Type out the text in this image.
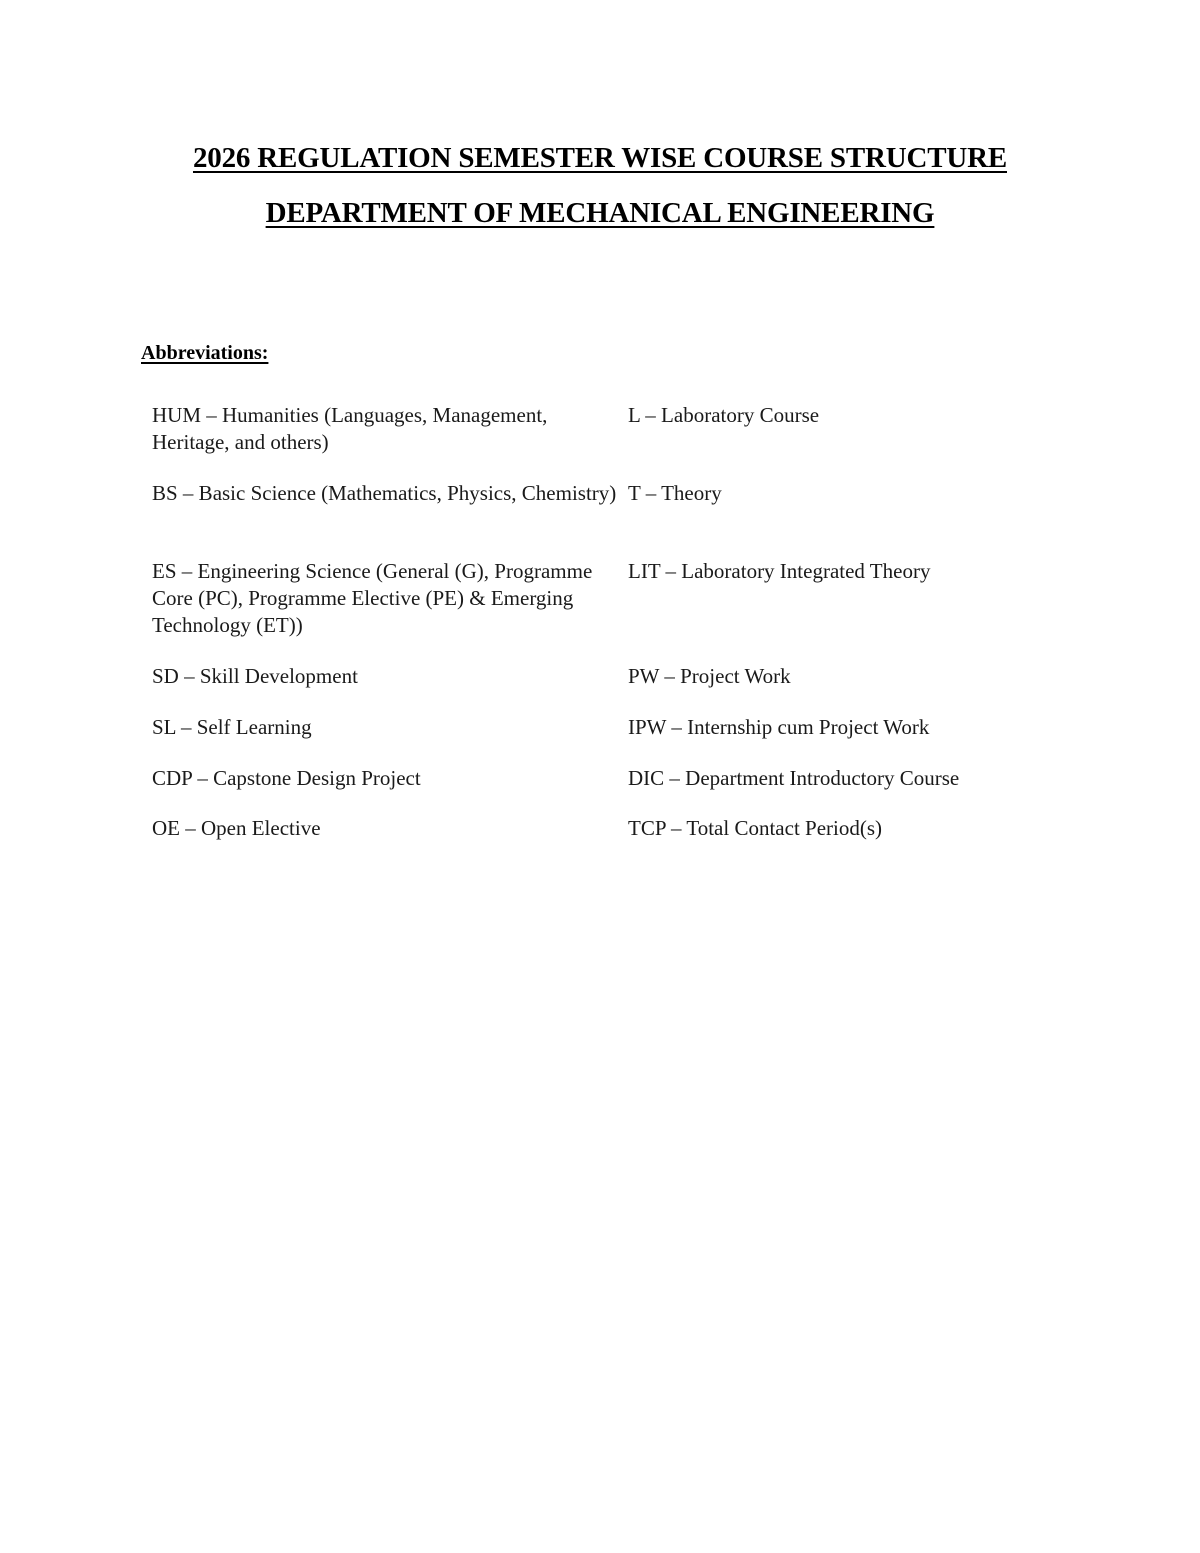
2026 REGULATION SEMESTER WISE COURSE STRUCTURE
DEPARTMENT OF MECHANICAL ENGINEERING
Abbreviations:
HUM – Humanities (Languages, Management, Heritage, and others)	L – Laboratory Course
BS – Basic Science (Mathematics, Physics, Chemistry)	T – Theory
ES – Engineering Science (General (G), Programme Core (PC), Programme Elective (PE) & Emerging Technology (ET))	LIT – Laboratory Integrated Theory
SD – Skill Development	PW – Project Work
SL – Self Learning	IPW – Internship cum Project Work
CDP – Capstone Design Project	DIC – Department Introductory Course
OE – Open Elective	TCP – Total Contact Period(s)
